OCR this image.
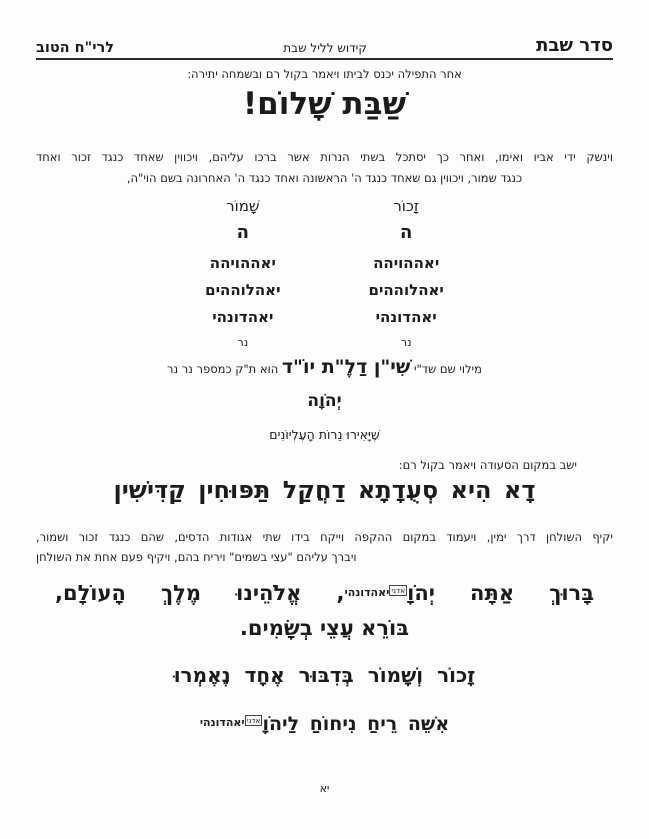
סדר שבת
קידוש לליל שבת
לרי"ח הטוב
אחר התפילה יכנס לביתו ויאמר בקול רם ובשמחה יתירה:
שַׁבַּת שָׁלוֹם!
וינשק ידי אביו ואימו, ואחר כך יסתכל בשתי הנרות אשר ברכו עליהם, ויכווין שאחד כנגד זכור ואחד
כנגד שמור, ויכווין גם שאחד כנגד ה' הראשונה ואחד כנגד ה' האחרונה בשם הוי"ה,
זָכוֹר
ה
יאההויהה
יאהלוההים
יאהדונהי
נר
שָׁמוֹר
ה
יאההויהה
יאהלוההים
יאהדונהי
נר
מילוי שם שד"י שִׁי"ן דַלֶ"ת יוֹ"ד הוא ת"ק כמספר נר נר
יְהֹוָה
שֶׁיָּאִירוּ נֵרוֹת הָעֶלְיוֹנִים
ישב במקום הסעודה ויאמר בקול רם:
דָא הִיא סְעֻדָתָא דַחֲקַל תַּפּוּחִין קַדִּישִׁין
יקיף השולחן דרך ימין, ויעמוד במקום ההקפה וייקח בידו שתי אגודות הדסים, שהם כנגד זכור ושמור,
ויברך עליהם "עצי בשמים" ויריח בהם, ויקיף פעם אחת את השולחן
בָּרוּךְ אַתָּה יְהֹוָ$^{אדני}$יאהדונהי, אֱלֹהֵינוּ מֶלֶךְ הָעוֹלָם,
בּוֹרֵא עֲצֵי בְשָׂמִים.
זָכוֹר וְשָׁמוֹר בְּדִבּוּר אֶחָד נֶאֶמְרוּ
אִשֵּׁה רֵיחַ נִיחוֹחַ לַיהֹוָ$^{אדנייאהדונהי}$
יא
